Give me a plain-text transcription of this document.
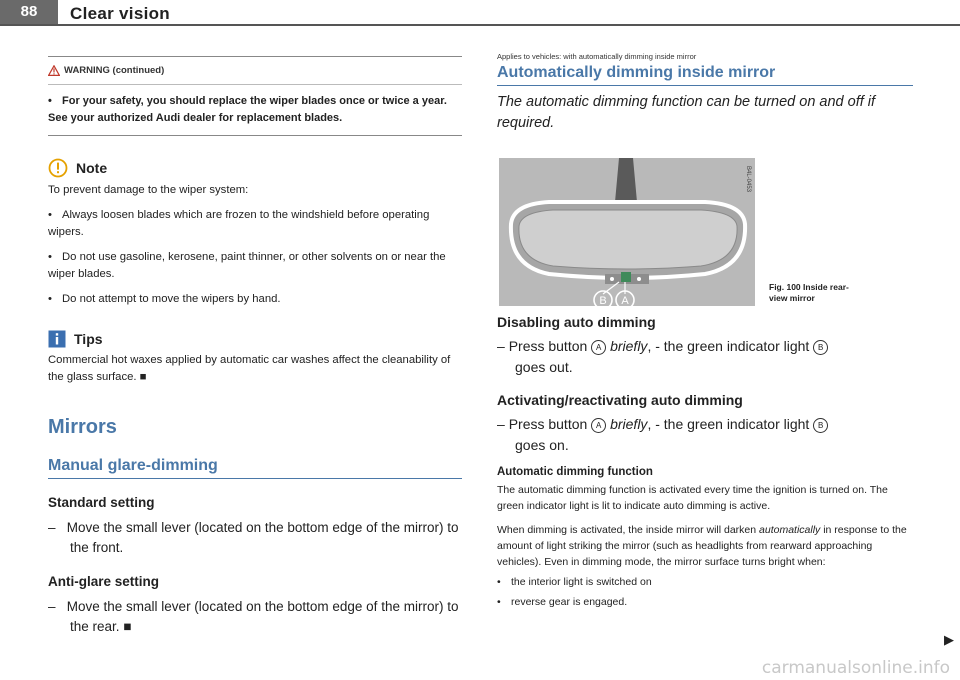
88	Clear vision
WARNING (continued)
• For your safety, you should replace the wiper blades once or twice a year. See your authorized Audi dealer for replacement blades.
Note

To prevent damage to the wiper system:

• Always loosen blades which are frozen to the windshield before operating wipers.
• Do not use gasoline, kerosene, paint thinner, or other solvents on or near the wiper blades.
• Do not attempt to move the wipers by hand.
Tips

Commercial hot waxes applied by automatic car washes affect the cleanability of the glass surface. ■

Mirrors
Manual glare-dimming
Standard setting
–   Move the small lever (located on the bottom edge of the mirror) to the front.
Anti-glare setting
–   Move the small lever (located on the bottom edge of the mirror) to the rear. ■
Applies to vehicles: with automatically dimming inside mirror
Automatically dimming inside mirror
The automatic dimming function can be turned on and off if required.
B A
B4L-0453
Fig. 100 Inside rear-
view mirror
Disabling auto dimming
– Press button A briefly, - the green indicator light B
goes out.
Activating/reactivating auto dimming
– Press button A briefly, - the green indicator light B
goes on.
Automatic dimming function

The automatic dimming function is activated every time the ignition is turned on. The green indicator light is lit to indicate auto dimming is active.

When dimming is activated, the inside mirror will darken automatically in response to the amount of light striking the mirror (such as headlights from rearward approaching vehicles). Even in dimming mode, the mirror surface turns bright when:

• the interior light is switched on
• reverse gear is engaged.
▶
carmanualsonline.info
